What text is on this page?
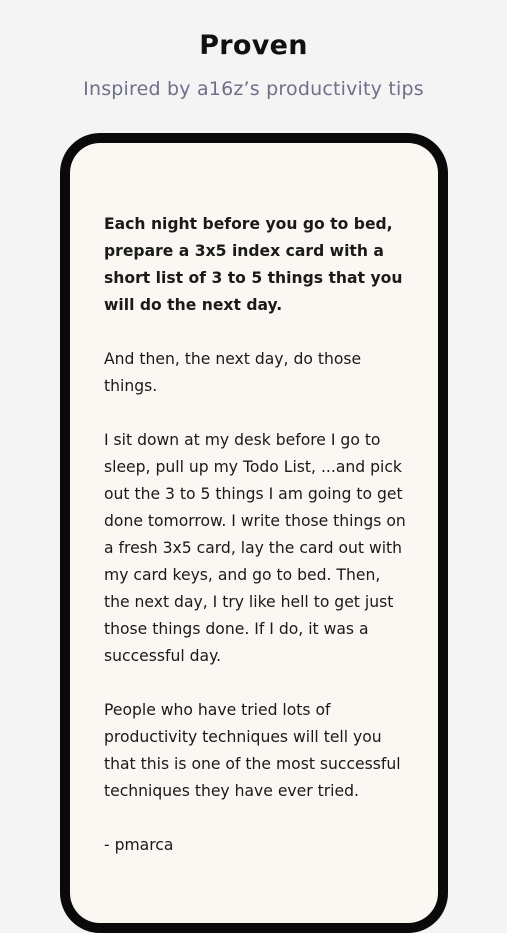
Proven
Inspired by a16z’s productivity tips

Each night before you go to bed, prepare a 3x5 index card with a short list of 3 to 5 things that you will do the next day.

And then, the next day, do those things.

I sit down at my desk before I go to sleep, pull up my Todo List, ...and pick out the 3 to 5 things I am going to get done tomorrow. I write those things on a fresh 3x5 card, lay the card out with my card keys, and go to bed. Then, the next day, I try like hell to get just those things done. If I do, it was a successful day.

People who have tried lots of productivity techniques will tell you that this is one of the most successful techniques they have ever tried.

- pmarca
